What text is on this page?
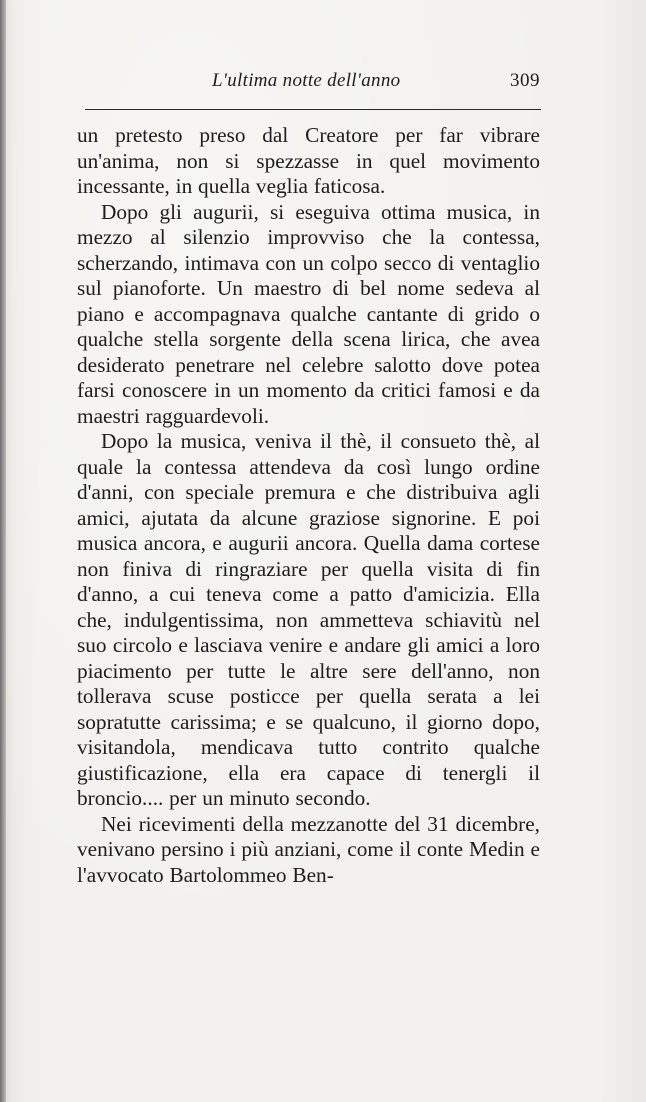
L'ultima notte dell'anno	309

un pretesto preso dal Creatore per far vibrare un'anima, non si spezzasse in quel movimento incessante, in quella veglia faticosa.

Dopo gli augurii, si eseguiva ottima musica, in mezzo al silenzio improvviso che la contessa, scherzando, intimava con un colpo secco di ventaglio sul pianoforte. Un maestro di bel nome sedeva al piano e accompagnava qualche cantante di grido o qualche stella sorgente della scena lirica, che avea desiderato penetrare nel celebre salotto dove potea farsi conoscere in un momento da critici famosi e da maestri ragguardevoli.

Dopo la musica, veniva il thè, il consueto thè, al quale la contessa attendeva da così lungo ordine d'anni, con speciale premura e che distribuiva agli amici, ajutata da alcune graziose signorine. E poi musica ancora, e augurii ancora. Quella dama cortese non finiva di ringraziare per quella visita di fin d'anno, a cui teneva come a patto d'amicizia. Ella che, indulgentissima, non ammetteva schiavitù nel suo circolo e lasciava venire e andare gli amici a loro piacimento per tutte le altre sere dell'anno, non tollerava scuse posticce per quella serata a lei sopratutte carissima; e se qualcuno, il giorno dopo, visitandola, mendicava tutto contrito qualche giustificazione, ella era capace di tenergli il broncio.... per un minuto secondo.

Nei ricevimenti della mezzanotte del 31 dicembre, venivano persino i più anziani, come il conte Medin e l'avvocato Bartolommeo Ben-
